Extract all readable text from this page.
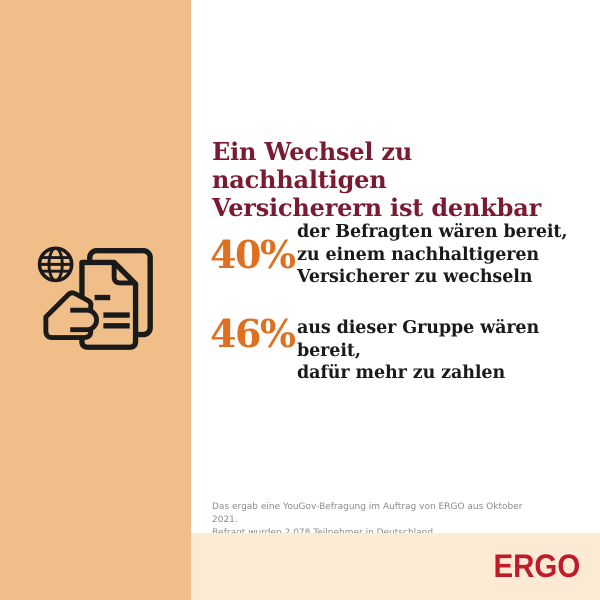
Ein Wechsel zu nachhaltigen
Versicherern ist denkbar
40% der Befragten wären bereit,
zu einem nachhaltigeren
Versicherer zu wechseln
46% aus dieser Gruppe wären bereit,
dafür mehr zu zahlen
Das ergab eine YouGov-Befragung im Auftrag von ERGO aus Oktober 2021.
ERGO
